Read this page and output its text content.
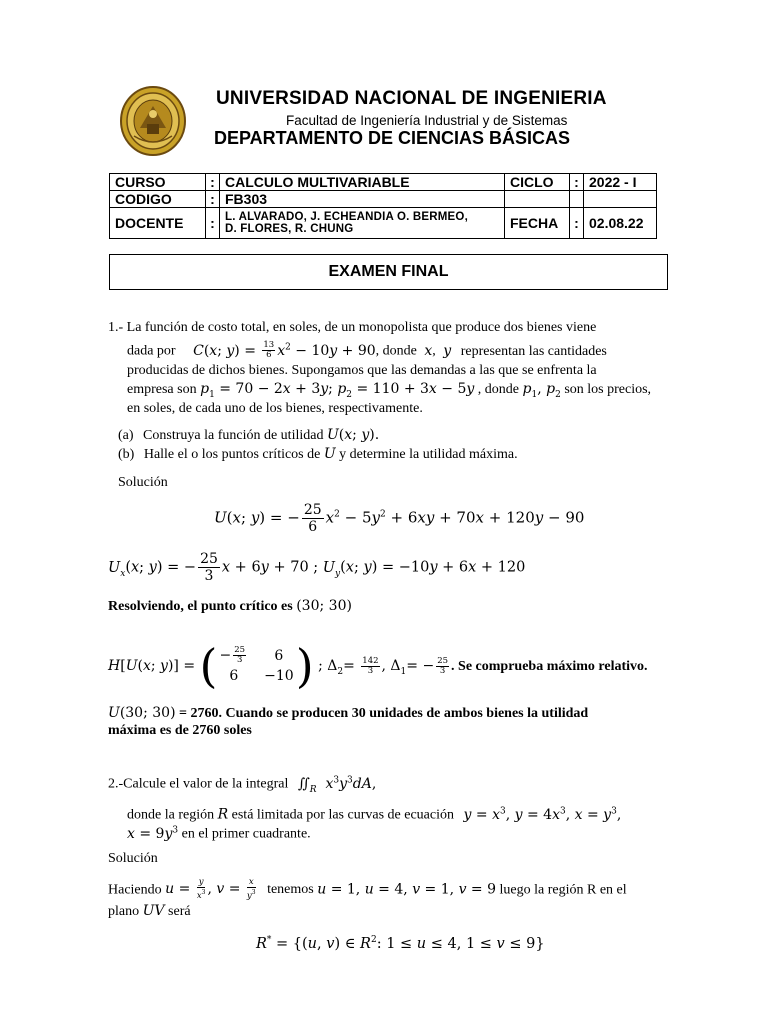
UNIVERSIDAD NACIONAL DE INGENIERIA
Facultad de Ingeniería Industrial y de Sistemas
DEPARTAMENTO DE CIENCIAS BÁSICAS
CURSO	:	CALCULO MULTIVARIABLE	CICLO	:	2022 - I
CODIGO	:	FB303			
DOCENTE	:	L. ALVARADO, J. ECHEANDIA O. BERMEO,
D. FLORES, R. CHUNG	FECHA	:	02.08.22
EXAMEN FINAL
1.- La función de costo total, en soles, de un monopolista que produce dos bienes viene
dada por C(x; $y) = \frac{13}{6} x^2 - 10y + 90$, donde x, y representan las cantidades
producidas de dichos bienes. Supongamos que las demandas a las que se enfrenta la
empresa son $p_1 = 70 - 2x + 3y$; $p_2 = 110 + 3x - 5y$ , donde $p_1$, $p_2$ son los precios,
en soles, de cada uno de los bienes, respectivamente.
(a) Construya la función de utilidad U(x; y).
(b) Halle el o los puntos críticos de U y determine la utilidad máxima.
Solución
U(x; y) = − $\frac{25}{6} x^2 - 5y^2 + 6xy + 70x + 120y - 90$
$U_x(x$; y) = − $\frac{25}{3}$ x + 6y + 70 ; $U_y(x$; y) = −10y + 6x + 120
Resolviendo, el punto crítico es (30; 30)
H[U(x; y)] = ( − $\frac{25}{3}$	6
6	−10 ) ; $\Delta_2= \frac{142}{3}$ , $\Delta_1= - \frac{25}{3}$ . Se comprueba máximo relativo.
U(30; 30) = 2760. Cuando se producen 30 unidades de ambos bienes la utilidad
máxima es de 2760 soles
2.-Calcule el valor de la integral $∬_R$ $x^3y^3dA$,
donde la región R está limitada por las curvas de ecuación $y = x^3$, $y = 4x^3$, $x = y^3$,
$x = 9y^3$ en el primer cuadrante.
Solución
Haciendo $u = \frac{y}{x^3}$ , $v = \frac{x}{y^3}$ tenemos u = 1, u = 4, v = 1, v = 9 luego la región R en el
plano UV será
R* = {(u, v) ∈ $R^2$: 1 ≤ u ≤ 4, 1 ≤ v ≤ 9}
